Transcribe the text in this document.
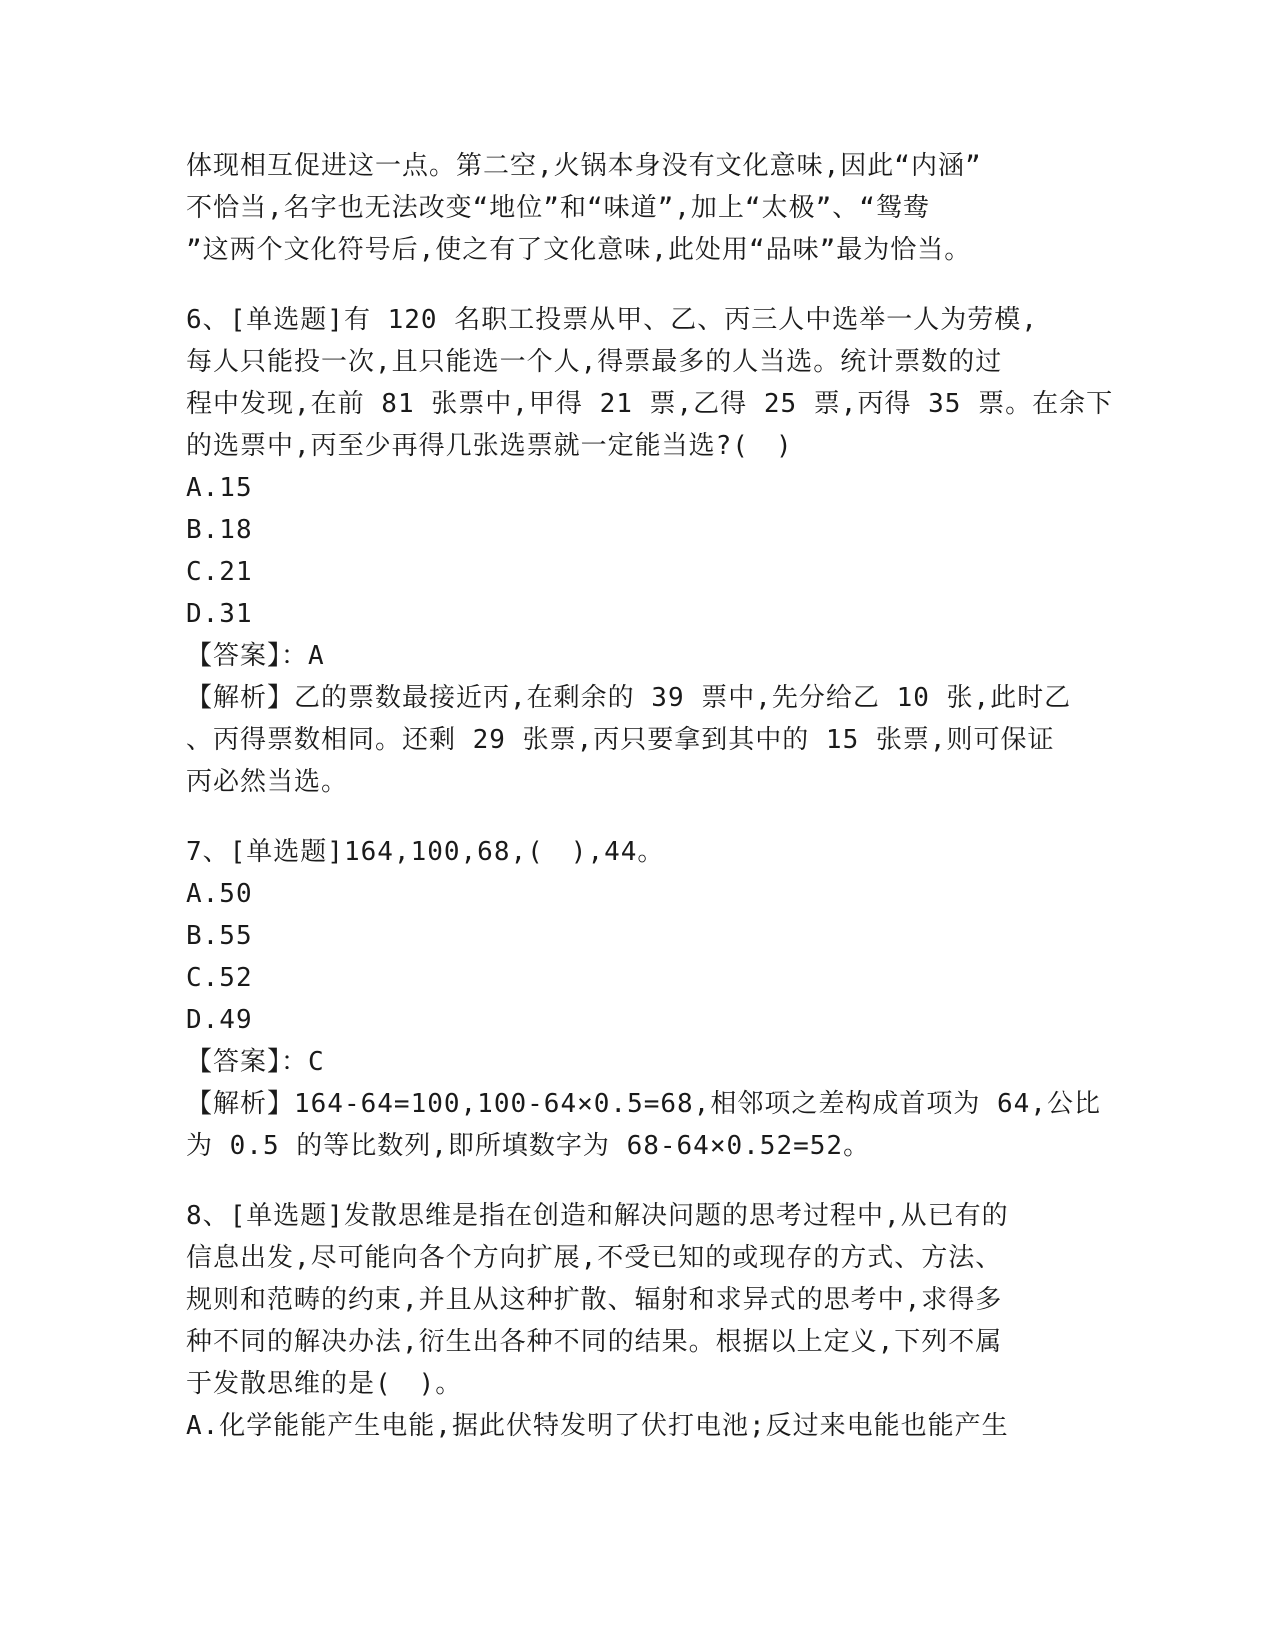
体现相互促进这一点。第二空,火锅本身没有文化意味,因此“内涵”
不恰当,名字也无法改变“地位”和“味道”,加上“太极”、“鸳鸯
”这两个文化符号后,使之有了文化意味,此处用“品味”最为恰当。
6、[单选题]有 120 名职工投票从甲、乙、丙三人中选举一人为劳模,
每人只能投一次,且只能选一个人,得票最多的人当选。统计票数的过
程中发现,在前 81 张票中,甲得 21 票,乙得 25 票,丙得 35 票。在余下
的选票中,丙至少再得几张选票就一定能当选?(　)
A.15
B.18
C.21
D.31
【答案】：A
【解析】乙的票数最接近丙,在剩余的 39 票中,先分给乙 10 张,此时乙
、丙得票数相同。还剩 29 张票,丙只要拿到其中的 15 张票,则可保证
丙必然当选。
7、[单选题]164,100,68,(　),44。
A.50
B.55
C.52
D.49
【答案】：C
【解析】164-64=100,100-64×0.5=68,相邻项之差构成首项为 64,公比
为 0.5 的等比数列,即所填数字为 68-64×0.52=52。
8、[单选题]发散思维是指在创造和解决问题的思考过程中,从已有的
信息出发,尽可能向各个方向扩展,不受已知的或现存的方式、方法、
规则和范畴的约束,并且从这种扩散、辐射和求异式的思考中,求得多
种不同的解决办法,衍生出各种不同的结果。根据以上定义,下列不属
于发散思维的是(　)。
A.化学能能产生电能,据此伏特发明了伏打电池;反过来电能也能产生
